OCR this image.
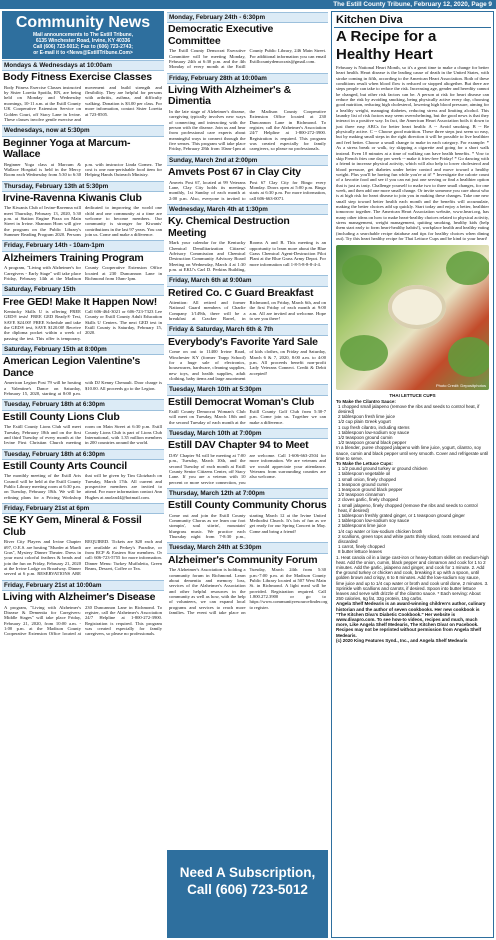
The Estill County Tribune, February 12, 2020, Page 9
Community News

Mail announcements to The Estill Tribune,

6135 Winchester Road, Irvine, KY 40336

Call (606) 723-5012; Fax to (606) 723-2743;

or E-mail it to <News@EstillTribune.Com>

Mondays & Wednesdays at 10:00am
Body Fitness Exercise Classes
Body Fitness Exercise Classes instructed by Sister Loretta Spotila, RN, are being held on Monday and Wednesday mornings, 10-11 a.m. at the Estill County UK Cooperative Extension Service on Golden Court, off Stacy Lane in Irvine. These classes involve gentle exercise and movement and build strength and flexibility. They are helpful for persons with arthritis, asthma, and difficulty walking. Donation is $3.00 per class. For more information, contact Sister Loretta at 723-8505.
Wednesdays, now at 5:30pm
Beginner Yoga at Marcum-Wallace
Beginner Yoga class at Marcum & Wallace Hospital is held in the Mercy Room each Wednesday from 5:30 to 6:30 p.m. with instructor Linda Gomez. The cost is one non-perishable food item for Helping Hands Outreach Ministry.
Thursday, February 13th at 5:30pm
Irvine-Ravenna Kiwanis Club
The Kiwanis Club of Irvine-Ravenna will meet Thursday, February 13, 2020, 5:30 p.m. at Station Engine Pizza on Main Street in Irvine. Shannon Horn will give the program on the Public Library's Summer Reading Program 2020. Persons dedicated to improving the world one child and one community at a time are welcome to become members. Our community is stronger for Kiwanis' contributions in the last 97 years. You can join us. Come and make a difference.
Friday, February 14th - 10am-1pm
Alzheimers Training Program
A program, "Living with Alzheimer's for Caregivers - Early Stage" will take place Friday, February 14th at the Madison County Cooperative Extension Office located at 230 Duncannon Lane in Richmond from 10am-1pm.
Saturday, February 15th
Free GED! Make It Happen Now!
Kentucky Skills U is offering FREE GED® tests! FREE GED Ready® Test, SAVE $24.00! FREE Schedule and take the GED® test, SAVE $120.00! Receive the diploma pocket within a week of passing the test. This offer is temporary. Call 606-464-3021 or 606-723-7323 Lee County or Estill County Adult Education Skills U Centers. The next GED test in Estill County is Saturday, February 15, 2020.
Saturday, February 15th at 8:00pm
American Legion Valentine's Dance
American Legion Post 79 will be hosting a Valentine's Dance on Saturday, February 15, 2020, starting at 8:00 p.m. with DJ Kenny Chenault. Door charge is $10.00. All proceeds go to the Legion.
Tuesday, February 18th at 6:30pm
Estill County Lions Club
The Estill County Lions Club will meet Tuesday, February 18th and on the first and third Tuesday of every month at the Irvine First Christian Church meeting room on Main Street at 6:30 p.m. Estill County Lions Club is part of Lions Club International, with 1.35 million members in 200 countries around the world.
Tuesday, February 18th at 6:30pm
Estill County Arts Council
The monthly meeting of the Estill Arts Council will be held at the Estill County Public Library meeting room at 6:30 p.m. on Tuesday, February 18th. We will be refining plans for a Pricing Workshop that will be given by Tim Glotzbach on Tuesday, March 17th. All current and prospective members are invited to attend. For more information contact Ann Hughes at anolan44@hotmail.com.
Friday, February 21st at 6pm
SE KY Gem, Mineral & Fossil Club
River City Players and Irvine Chapter #97, O.E.S. are hosting "Murder at Mardi Gras", Mystery Dinner Theater. Dress in your most colorful feathers & beads and join the fun on Friday, February 21, 2020 at the Irvine Lodge on Broadway. Dinner served at 6 p.m. RESERVATIONS ARE REQUIRED. Tickets are $20 each and are available at Perkey's Paradise, or from RCP & Eastern Star members. Or call: 606-723-5755 for more information. Dinner Menu: Turkey Muffaletta, Green Beans, Dessert, Coffee or Tea.
Friday, February 21st at 10:00am
Living with Alzheimer's Disease
A program, "Living with Alzheimer's Disease & Dementia for Caregivers: Middle Stages" will take place Friday, February 21, 2020, from 10:00 a.m. - 1:00 p.m. at the Madison County Cooperative Extension Office located at 230 Duncannon Lane in Richmond. To register, call the Alzheimer's Association 24/7 Helpline at 1-800-272-3900. Registration is required. This program was created especially for family caregivers, so please no professionals.
Monday, February 24th - 6:30pm
Democratic Executive Committee
The Estill County Democrat Executive Committee will be meeting Monday, February 24th at 6:30 p.m. and the 4th Monday of every month at the Estill County Public Library, 246 Main Street. For additional information you can email Estillcountydemocrats@gmail.com.
Friday, February 28th at 10:00am
Living With Alzheimer's & Dimentia
In the late stage of Alzheimer's disease, caregiving typically involves new ways of connecting and interacting with the person with the disease. Join us and hear from professional care experts about meaningful ways to connect through the five senses. This program will take place Friday, February 28th from 10am-1pm at the Madison County Cooperative Extension Office located at 230 Duncannon Lane in Richmond. To register, call the Alzheimer's Association 24/7 Helpline at 1-800-272-3900. Registration is required. This program was created especially for family caregivers, so please no professionals.
Sunday, March 2nd at 2:00pm
Amvets Post 67 in Clay City
Amvets Post 67, located at 99 Veterans Lane, Clay City holds its meetings monthly, 1st Sunday of each month at 2:00 p.m. Also, everyone is invited to Post 67 Clay City for Bingo every Monday. Doors open at 5:00 p.m. Bingo starts at 6:30 p.m. For more information, call 606-663-0071.
Wednesday, March 4th at 1:30pm
Ky. Chemical Destruction Meeting
Mark your calendar for the Kentucky Chemical Demilitarization Citizens' Advisory Commission and Chemical Destruction Community Advisory Board Meeting on Wednesday, March 4 at 1:30 p.m. at EKU's Carl D. Perkins Building, Rooms A and B. This meeting is an opportunity to learn more about the Blue Grass Chemical Agent-Destruction Pilot Plant at the Blue Grass Army Depot. For more information call 1-8-5-8-8-8-4-4.
Friday, March 6th at 9:00am
Retired Co. C Guard Breakfast
Attention: All retired and former National Guard members of Charlie Company 1/149th, there will be a breakfast at Cracker Barrel, in Richmond, on Friday, March 6th, and on the first Friday of each month at 9:00 a.m. All are invited and welcome. Hope to see you there!
Friday & Saturday, March 6th & 7th
Everybody's Favorite Yard Sale
Come on out to 11400 Irvine Road, Winchester KY (former Trapp School) for a huge sale of electronics, housewares, hardware, cleaning supplies, new toys, and health supplies, adult clothing, baby items and large assortment of kids clothes, on Friday and Saturday, March 6 & 7, 2020, 8:00 a.m. to 4:00 p.m. All proceeds benefit non-profit Lady Veterans Connect. Credit & Debit accepted!
Tuesday, March 10th at 5:30pm
Estill Democrat Woman's Club
Estill County Democrat Woman's Club will meet on Tuesday, March 10th and the second Tuesday of each month at the Estill County Golf Club from 5:30-7 p.m. Come join us. Together we can make a difference.
Tuesday, March 10th at 7:00pm
Estill DAV Chapter 94 to Meet
DAV Chapter 94 will be meeting at 7:00 p.m., Tuesday, March 10th, and the second Tuesday of each month at Estill County Senior Citizens Center, off Stacy Lane. If you are a veteran with 10 percent or more service connection, you are welcome. Call 1-606-663-2504 for more information. We are veterans and we would appreciate your attendance. Veterans from surrounding counties are also welcome.
Thursday, March 12th at 7:00pm
Estill County Community Chorus
Come out and join the Estill County Community Chorus as we learn our foot stompin', soul stirrin', mountain' bluegrass music. We practice each Thursday night from 7-8:30 p.m., starting March 12 at the Irvine United Methodist Church. It's lots of fun as we get ready for our Spring Concert in May. Come and bring a friend!
Tuesday, March 24th at 5:30pm
Alzheimer's Community Forum
The Alzheimer's Association is holding a community forum in Richmond. Learn about dementia and memory loss, services of the Alzheimer's Association and other helpful resources in the community as well as how, with the help of volunteers, we can expand local programs and services to reach more families. The event will take place on Tuesday, March 24th from 5:30 p.m.-7:00 p.m. at the Madison County Public Library located at 507 West Main St. in Richmond. A light meal will be provided. Registration required. Call 1.800.272.3900 or go to https://www.communityresourcefinder.org to register.
Need A Subscription,
Call (606) 723-5012
Kitchen Diva
A Recipe for a Healthy Heart
February is National Heart Month, so it's a great time to make a change for better heart health. Heart disease is the leading cause of death in the United States, with stroke coming in fifth, according to the American Heart Association. Both of these conditions result when blood flow is reduced or stopped altogether. But there are steps people can take to reduce the risk. Increasing age, gender and heredity cannot be changed, but other risk factors can be. A person at risk for heart disease can reduce the risk by avoiding smoking, being physically active every day, choosing good nutrition, reducing high cholesterol, lowering high blood pressure, aiming for a healthy weight, managing diabetes, reducing stress and limiting alcohol. This laundry list of risk factors may seem overwhelming, but the good news is that they interact in a positive way. In fact, the American Heart Association boils it down to just three easy ABCs for better heart health: A -- Avoid smoking. B -- Be physically active. C -- Choose good nutrition. These three steps just seem so easy, but by making small steps in the right direction it will be possible to live healthier and feel better. Choose a small change to make in each category. For example: * As a stress break or walk, try skipping a cigarette and going for a short walk instead. Even 10 minutes at a time of walking can have health benefits. * Vow to skip French fries one day per week -- make it fries-free Friday! * Go dancing with a friend to increase physical activity, which will also help to lower cholesterol and blood pressure, get diabetes under better control and move toward a healthy weight. Plus you'll be having fun while you're at it! * Investigate the calorie count of a favorite food and see if you can eat just one serving or find a healthier option that is just as tasty. Challenge yourself to make two to three small changes, for one week, and then add one more small change. Or invite someone you care about who is at high risk for heart disease to join you in making these changes. Take one new small step toward better health each month and the benefits will accumulate, making the better choices add up quickly. Start today and enjoy a better, healthier tomorrow together. The American Heart Association website, www.heart.org, has many other ideas on how to make heart-healthy choices related to physical activity, stress management, weight management, quitting smoking, healthy kids (help them start early to form heart-healthy habits!), workplace health and healthy eating (including a searchable recipe database and tips for healthy choices when dining out). Try this heart healthy recipe for Thai Lettuce Cups and be kind to your heart!
Photo Credit: Depositphotos
THAI LETTUCE CUPS
To Make the Cilantro Sauce:
1 chopped small jalapeno (remove the ribs and seeds to control heat, if desired)
2 tablespoon fresh lime juice
1/2 cup plain Greek yogurt
1 cup fresh cilantro, including stems
1 tablespoon low-sodium soy sauce
1/2 teaspoon ground cumin
1/2 teaspoon ground black pepper
In a blender, puree chopped jalapeno with lime juice, yogurt, cilantro, soy sauce, cumin and black pepper until very smooth. Cover and refrigerate until time to serve.
To Make the Lettuce Cups:
1 1/2 pound ground turkey or ground chicken
1 tablespoon vegetable oil
1 small onion, finely chopped
1 teaspoon ground cumin
1 teaspoon ground black pepper
1/2 teaspoon cinnamon
2 cloves garlic, finely chopped
1 small jalapeno, finely chopped (remove the ribs and seeds to control heat, if desired)
1 tablespoon freshly grated ginger, or 1 teaspoon ground ginger
1 tablespoon low-sodium soy sauce
2 tablespoons lime juice
1/4 cup water or low-sodium chicken broth
2 scallions, green tops and white parts thinly sliced, roots removed and discarded
1 carrot, finely chopped
8 butter lettuce leaves
1. Heat canola oil in a large cast-iron or heavy-bottom skillet on medium-high heat. Add the onion, cumin, black pepper and cinnamon and cook for 1 to 2 minutes. Add the garlic, jalapeno and ginger, and cook for 1 minute. 2. Add the ground turkey or chicken and cook, breaking it up with a spoon, until golden brown and crispy, 6 to 8 minutes. Add the low-sodium soy sauce, lime juice and up to 1/4 cup water or broth and cook until done, 2 minutes. 3. Sprinkle with scallions and carrots, if desired. Spoon into butter lettuce leaves and serve with drizzle of the cilantro sauce. * Each serving: About 250 calories, 6g fat, 32g protein, 15g carbs.
Angela Shelf Medearis is an award-winning children's author, culinary historian and the author of seven cookbooks. Her new cookbook is "The Kitchen Diva's Diabetic Cookbook." Her website is www.divapro.com. To see how-to videos, recipes and much, much more, Like Angela Shelf Medearis, The Kitchen Diva! on Facebook. Recipes may not be reprinted without permission from Angela Shelf Medearis.
(c) 2020 King Features Synd., Inc., and Angela Shelf Medearis
